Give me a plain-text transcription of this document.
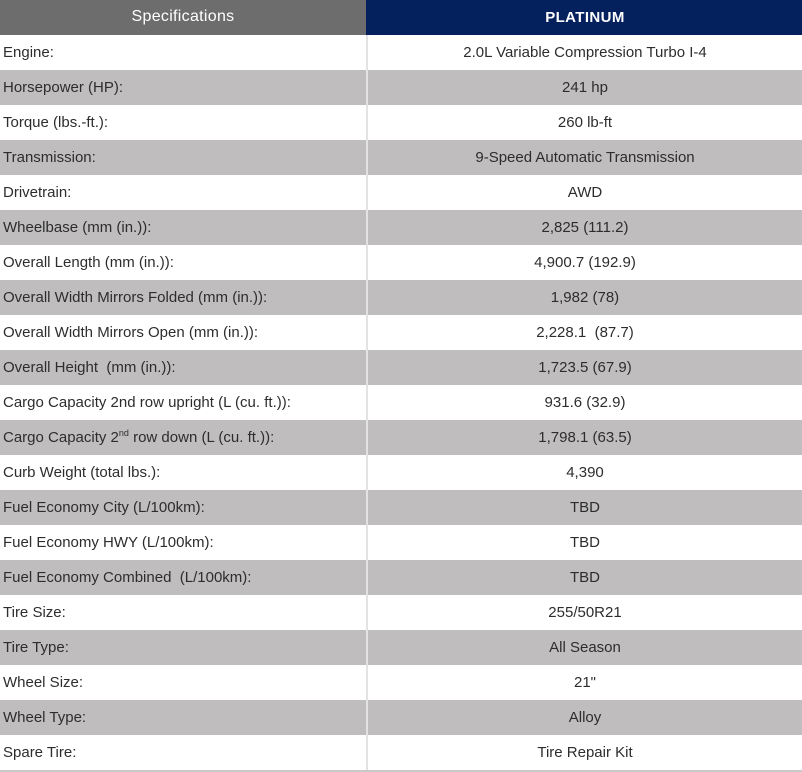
Specifications	PLATINUM
Engine:	2.0L Variable Compression Turbo I-4
Horsepower (HP):	241 hp
Torque (lbs.-ft.):	260 lb-ft
Transmission:	9-Speed Automatic Transmission
Drivetrain:	AWD
Wheelbase (mm (in.)):	2,825 (111.2)
Overall Length (mm (in.)):	4,900.7 (192.9)
Overall Width Mirrors Folded (mm (in.)):	1,982 (78)
Overall Width Mirrors Open (mm (in.)):	2,228.1  (87.7)
Overall Height  (mm (in.)):	1,723.5 (67.9)
Cargo Capacity 2nd row upright (L (cu. ft.)):	931.6 (32.9)
Cargo Capacity 2nd row down (L (cu. ft.)):	1,798.1 (63.5)
Curb Weight (total lbs.):	4,390
Fuel Economy City (L/100km):	TBD
Fuel Economy HWY (L/100km):	TBD
Fuel Economy Combined  (L/100km):	TBD
Tire Size:	255/50R21
Tire Type:	All Season
Wheel Size:	21"
Wheel Type:	Alloy
Spare Tire:	Tire Repair Kit
